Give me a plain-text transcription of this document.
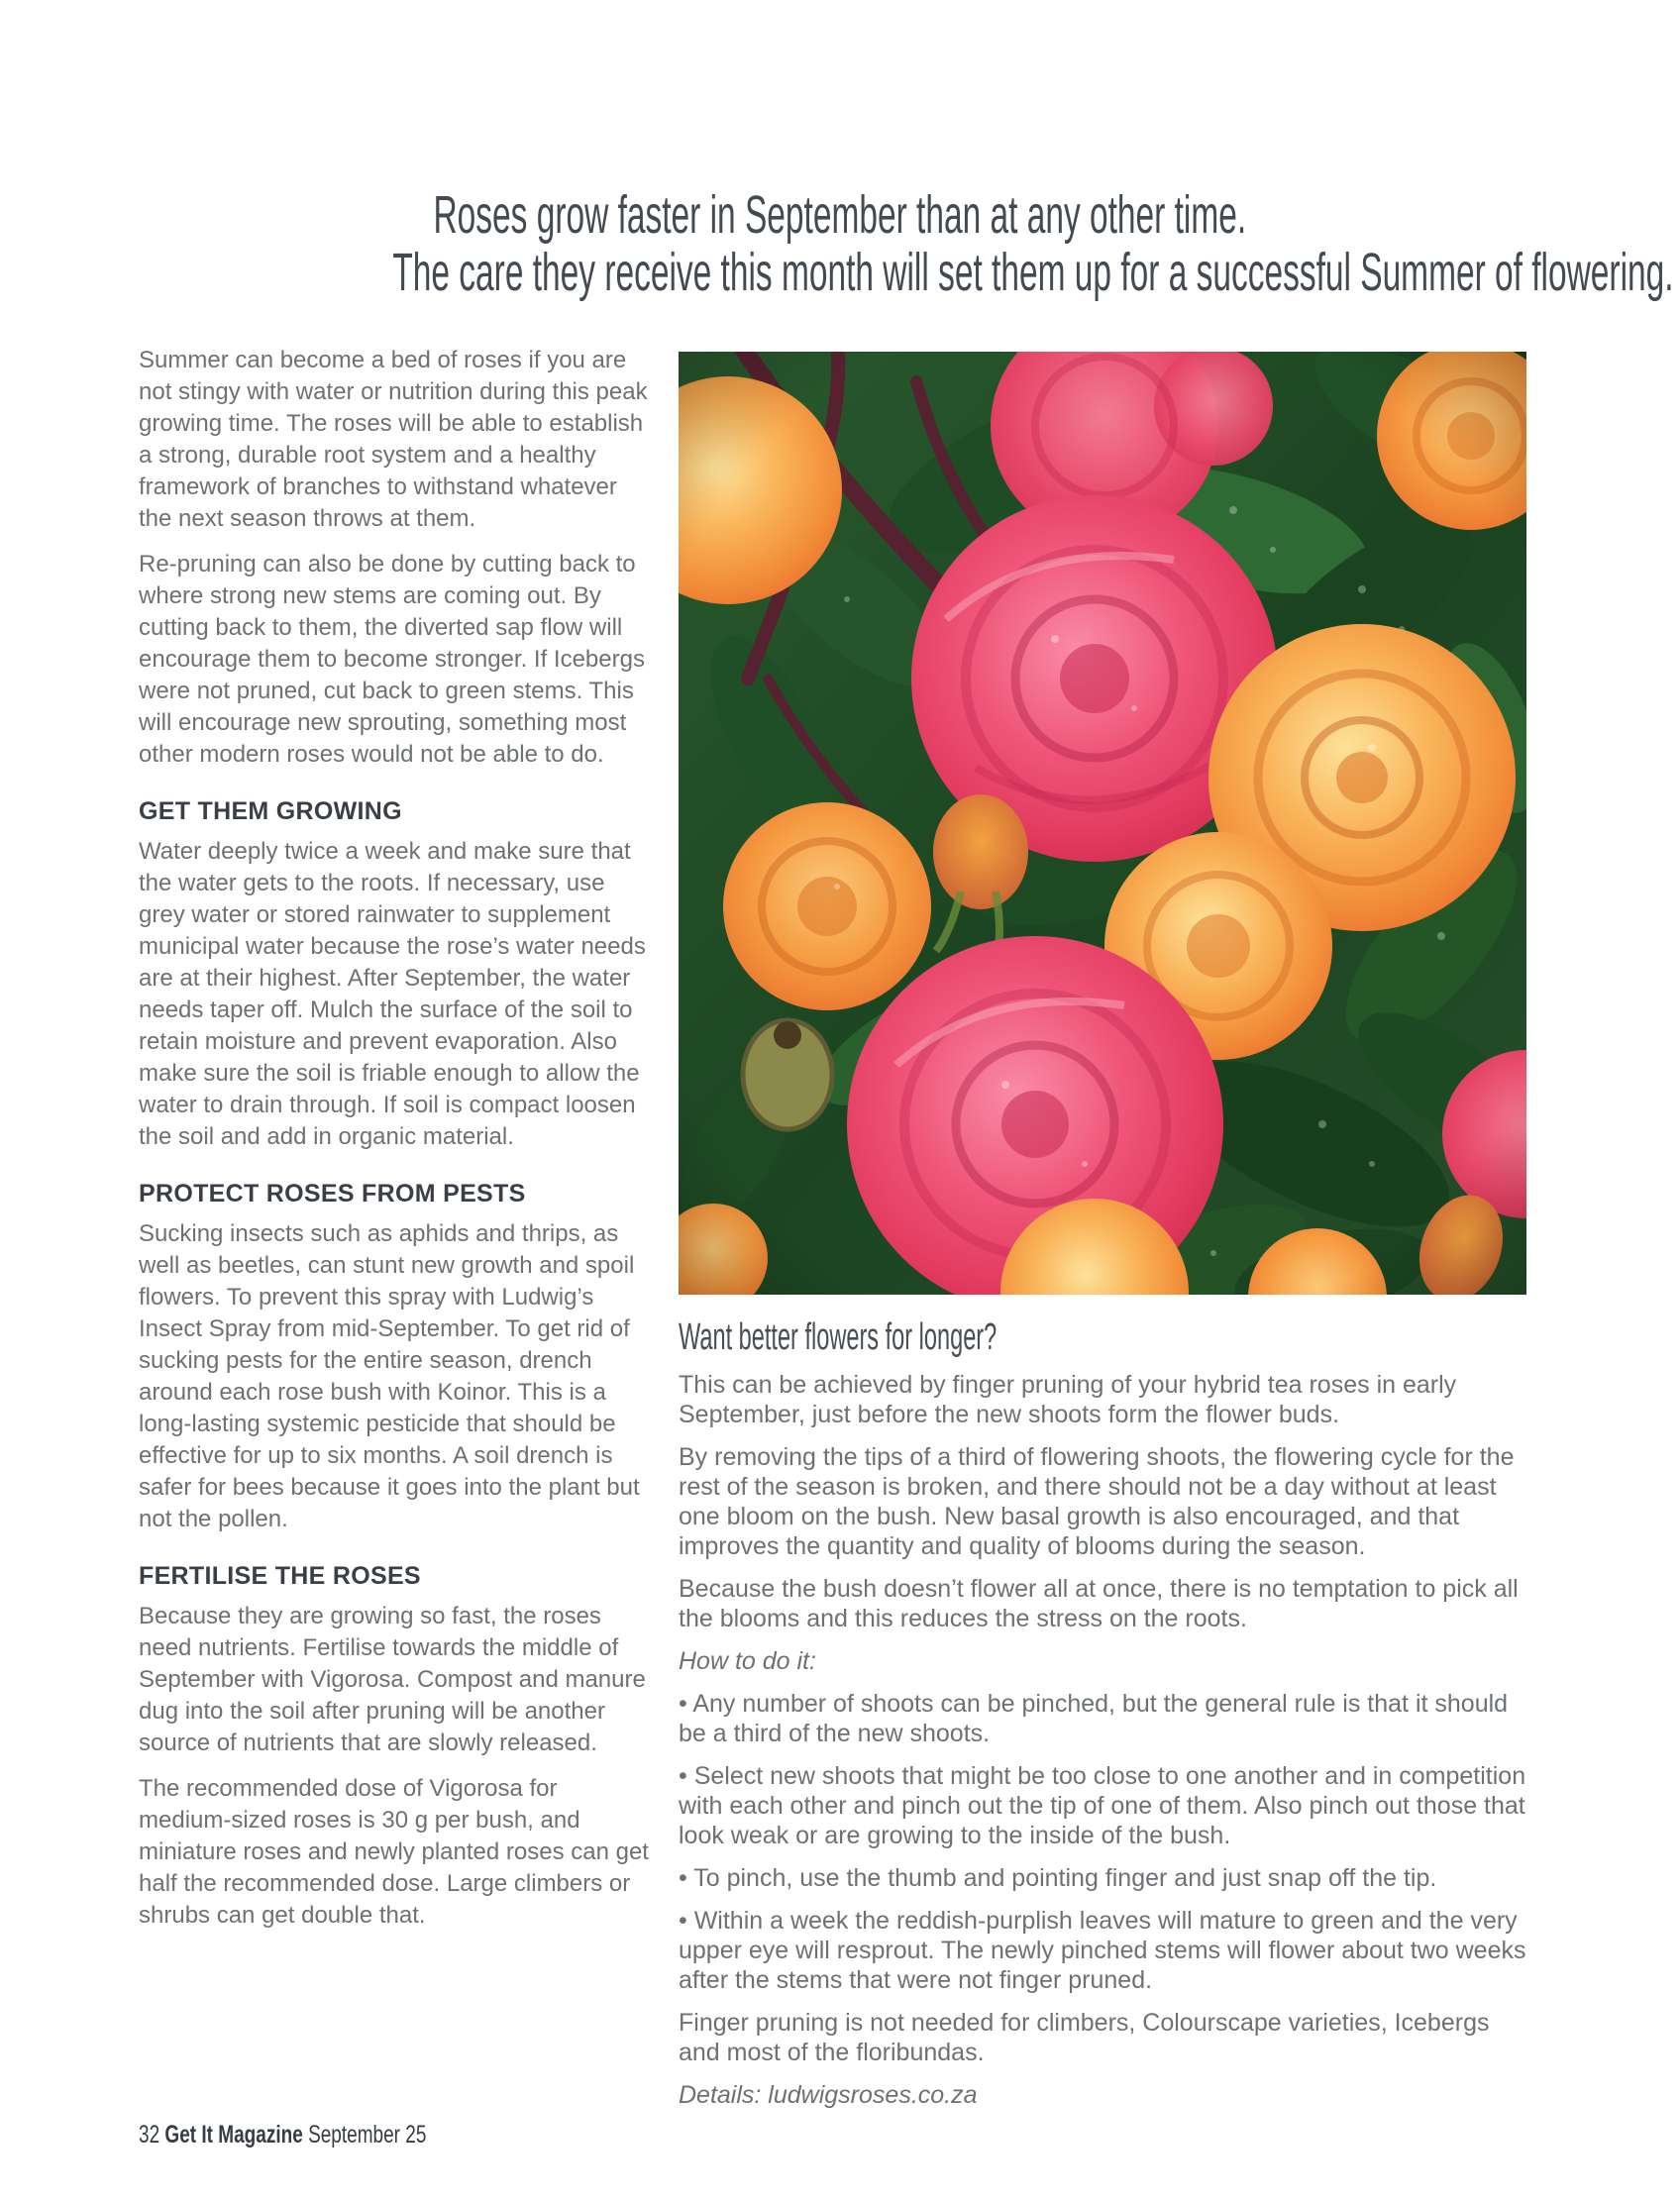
Roses grow faster in September than at any other time.
The care they receive this month will set them up for a successful Summer of flowering.

Summer can become a bed of roses if you are not stingy with water or nutrition during this peak growing time. The roses will be able to establish a strong, durable root system and a healthy framework of branches to withstand whatever the next season throws at them.

Re-pruning can also be done by cutting back to where strong new stems are coming out. By cutting back to them, the diverted sap flow will encourage them to become stronger. If Icebergs were not pruned, cut back to green stems. This will encourage new sprouting, something most other modern roses would not be able to do.

GET THEM GROWING

Water deeply twice a week and make sure that the water gets to the roots. If necessary, use grey water or stored rainwater to supplement municipal water because the rose’s water needs are at their highest. After September, the water needs taper off. Mulch the surface of the soil to retain moisture and prevent evaporation. Also make sure the soil is friable enough to allow the water to drain through. If soil is compact loosen the soil and add in organic material.

PROTECT ROSES FROM PESTS

Sucking insects such as aphids and thrips, as well as beetles, can stunt new growth and spoil flowers. To prevent this spray with Ludwig’s Insect Spray from mid-September. To get rid of sucking pests for the entire season, drench around each rose bush with Koinor. This is a long-lasting systemic pesticide that should be effective for up to six months. A soil drench is safer for bees because it goes into the plant but not the pollen.

FERTILISE THE ROSES

Because they are growing so fast, the roses need nutrients. Fertilise towards the middle of September with Vigorosa. Compost and manure dug into the soil after pruning will be another source of nutrients that are slowly released.

The recommended dose of Vigorosa for medium-sized roses is 30 g per bush, and miniature roses and newly planted roses can get half the recommended dose. Large climbers or shrubs can get double that.

Want better flowers for longer?

This can be achieved by finger pruning of your hybrid tea roses in early September, just before the new shoots form the flower buds.

By removing the tips of a third of flowering shoots, the flowering cycle for the rest of the season is broken, and there should not be a day without at least one bloom on the bush. New basal growth is also encouraged, and that improves the quantity and quality of blooms during the season.

Because the bush doesn’t flower all at once, there is no temptation to pick all the blooms and this reduces the stress on the roots.

How to do it:

• Any number of shoots can be pinched, but the general rule is that it should be a third of the new shoots.

• Select new shoots that might be too close to one another and in competition with each other and pinch out the tip of one of them. Also pinch out those that look weak or are growing to the inside of the bush.

• To pinch, use the thumb and pointing finger and just snap off the tip.

• Within a week the reddish-purplish leaves will mature to green and the very upper eye will resprout. The newly pinched stems will flower about two weeks after the stems that were not finger pruned.

Finger pruning is not needed for climbers, Colourscape varieties, Icebergs and most of the floribundas.

Details: ludwigsroses.co.za

32 Get It Magazine September 25
